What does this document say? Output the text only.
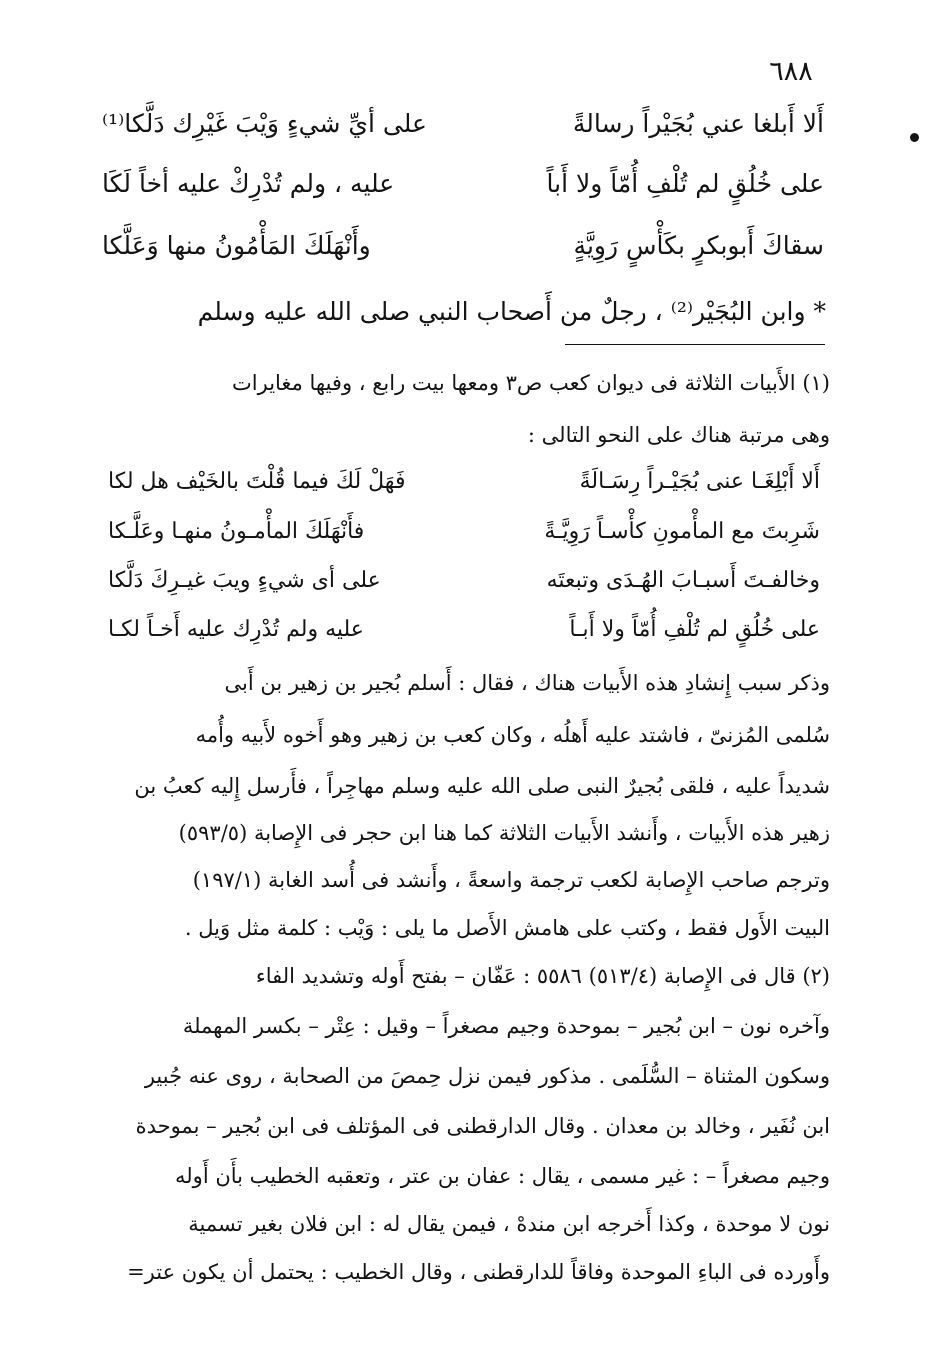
٦٨٨
أَلا أَبلغا عني بُجَيْراً رسالةً
على أيِّ شيءٍ وَيْبَ غَيْرِك دَلَّكا⁽¹⁾
على خُلُقٍ لم تُلْفِ أُمّاً ولا أَباً
عليه ، ولم تُدْرِكْ عليه أخاً لَكَا
سقاكَ أَبوبكرٍ بكَأْسٍ رَوِيَّةٍ
وأَنْهَلَكَ المَأْمُونُ منها وَعَلَّكا
* وابن البُجَيْر⁽²⁾ ، رجلٌ من أَصحاب النبي صلى الله عليه وسلم
(١) الأَبيات الثلاثة فى ديوان كعب ص٣ ومعها بيت رابع ، وفيها مغايرات
وهى مرتبة هناك على النحو التالى :
أَلا أَبْلِغَـا عنى بُجَيْـراً رِسَـالَةً
فَهَلْ لَكَ فيما قُلْتَ بالخَيْف هل لكا
شَرِبتَ مع المأْمونِ كأْسـاً رَوِيَّـةً
فأَنْهَلَكَ المأْمـونُ منهـا وعَلَّـكا
وخالفـتَ أَسبـابَ الهُـدَى وتبعتَه
على أى شيءٍ ويبَ غيـرِكَ دَلَّكا
على خُلُقٍ لم تُلْفِ أُمّاً ولا أَبـاً
عليه ولم تُدْرِك عليه أَخـاً لكـا
وذكر سبب إِنشادِ هذه الأَبيات هناك ، فقال : أَسلم بُجير بن زهير بن أَبى
سُلمى المُزنىّ ، فاشتد عليه أَهلُه ، وكان كعب بن زهير وهو أَخوه لأَبيه وأُمه
شديداً عليه ، فلقى بُجيرٌ النبى صلى الله عليه وسلم مهاجِراً ، فأَرسل إِليه كعبُ بن
زهير هذه الأَبيات ، وأَنشد الأَبيات الثلاثة كما هنا ابن حجر فى الإِصابة (٥٩٣/٥)
وترجم صاحب الإِصابة لكعب ترجمة واسعةً ، وأَنشد فى أُسد الغابة (١٩٧/١)
البيت الأَول فقط ، وكتب على هامش الأَصل ما يلى : وَيْب : كلمة مثل وَيل .
(٢) قال فى الإِصابة (٥١٣/٤) ٥٥٨٦ : عَفّان – بفتح أَوله وتشديد الفاء
وآخره نون – ابن بُجير – بموحدة وجيم مصغراً – وقيل : عِتْر – بكسر المهملة
وسكون المثناة – السُّلَمى . مذكور فيمن نزل حِمصَ من الصحابة ، روى عنه جُبير
ابن نُفَير ، وخالد بن معدان . وقال الدارقطنى فى المؤتلف فى ابن بُجير – بموحدة
وجيم مصغراً – : غير مسمى ، يقال : عفان بن عتر ، وتعقبه الخطيب بأَن أَوله
نون لا موحدة ، وكذا أَخرجه ابن مندهْ ، فيمن يقال له : ابن فلان بغير تسمية
وأَورده فى الباءِ الموحدة وفاقاً للدارقطنى ، وقال الخطيب : يحتمل أن يكون عتر=
